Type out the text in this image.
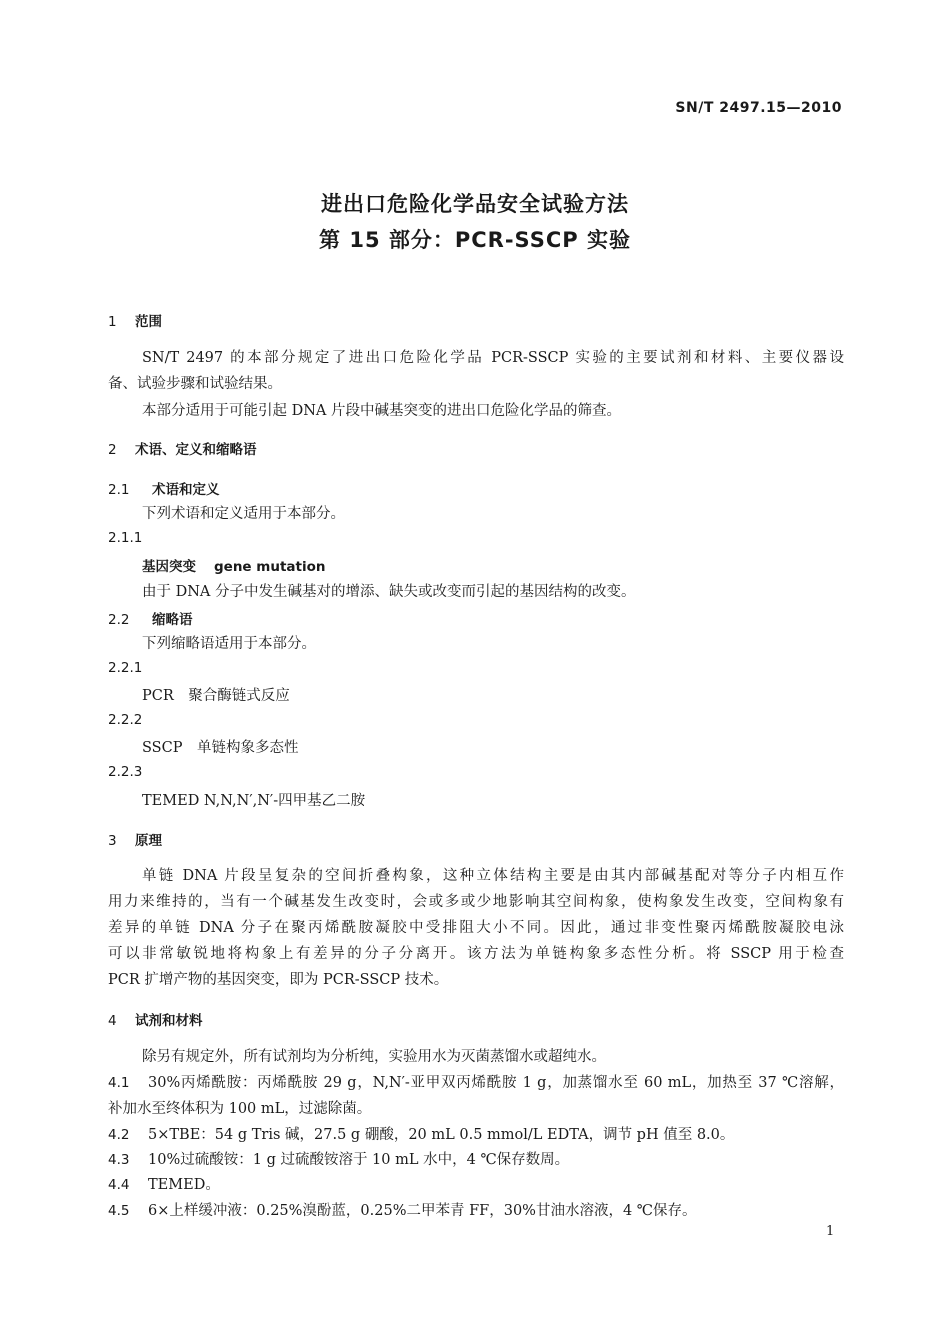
SN/T 2497.15—2010
进出口危险化学品安全试验方法
第 15 部分：PCR-SSCP 实验
1 范围
SN/T 2497 的本部分规定了进出口危险化学品 PCR-SSCP 实验的主要试剂和材料、主要仪器设
备、试验步骤和试验结果。
本部分适用于可能引起 DNA 片段中碱基突变的进出口危险化学品的筛查。
2 术语、定义和缩略语
2.1 术语和定义
下列术语和定义适用于本部分。
2.1.1
基因突变 gene mutation
由于 DNA 分子中发生碱基对的增添、缺失或改变而引起的基因结构的改变。
2.2 缩略语
下列缩略语适用于本部分。
2.2.1
PCR　聚合酶链式反应
2.2.2
SSCP　单链构象多态性
2.2.3
TEMED N,N,N′,N′-四甲基乙二胺
3 原理
单链 DNA 片段呈复杂的空间折叠构象，这种立体结构主要是由其内部碱基配对等分子内相互作
用力来维持的，当有一个碱基发生改变时，会或多或少地影响其空间构象，使构象发生改变，空间构象有
差异的单链 DNA 分子在聚丙烯酰胺凝胶中受排阻大小不同。因此，通过非变性聚丙烯酰胺凝胶电泳
可以非常敏锐地将构象上有差异的分子分离开。该方法为单链构象多态性分析。将 SSCP 用于检查
PCR 扩增产物的基因突变，即为 PCR-SSCP 技术。
4 试剂和材料
除另有规定外，所有试剂均为分析纯，实验用水为灭菌蒸馏水或超纯水。
4.1 30%丙烯酰胺：丙烯酰胺 29 g，N,N′-亚甲双丙烯酰胺 1 g，加蒸馏水至 60 mL，加热至 37 ℃溶解，
补加水至终体积为 100 mL，过滤除菌。
4.2 5×TBE：54 g Tris 碱，27.5 g 硼酸，20 mL 0.5 mmol/L EDTA，调节 pH 值至 8.0。
4.3 10%过硫酸铵：1 g 过硫酸铵溶于 10 mL 水中，4 ℃保存数周。
4.4 TEMED。
4.5 6×上样缓冲液：0.25%溴酚蓝，0.25%二甲苯青 FF，30%甘油水溶液，4 ℃保存。
1
